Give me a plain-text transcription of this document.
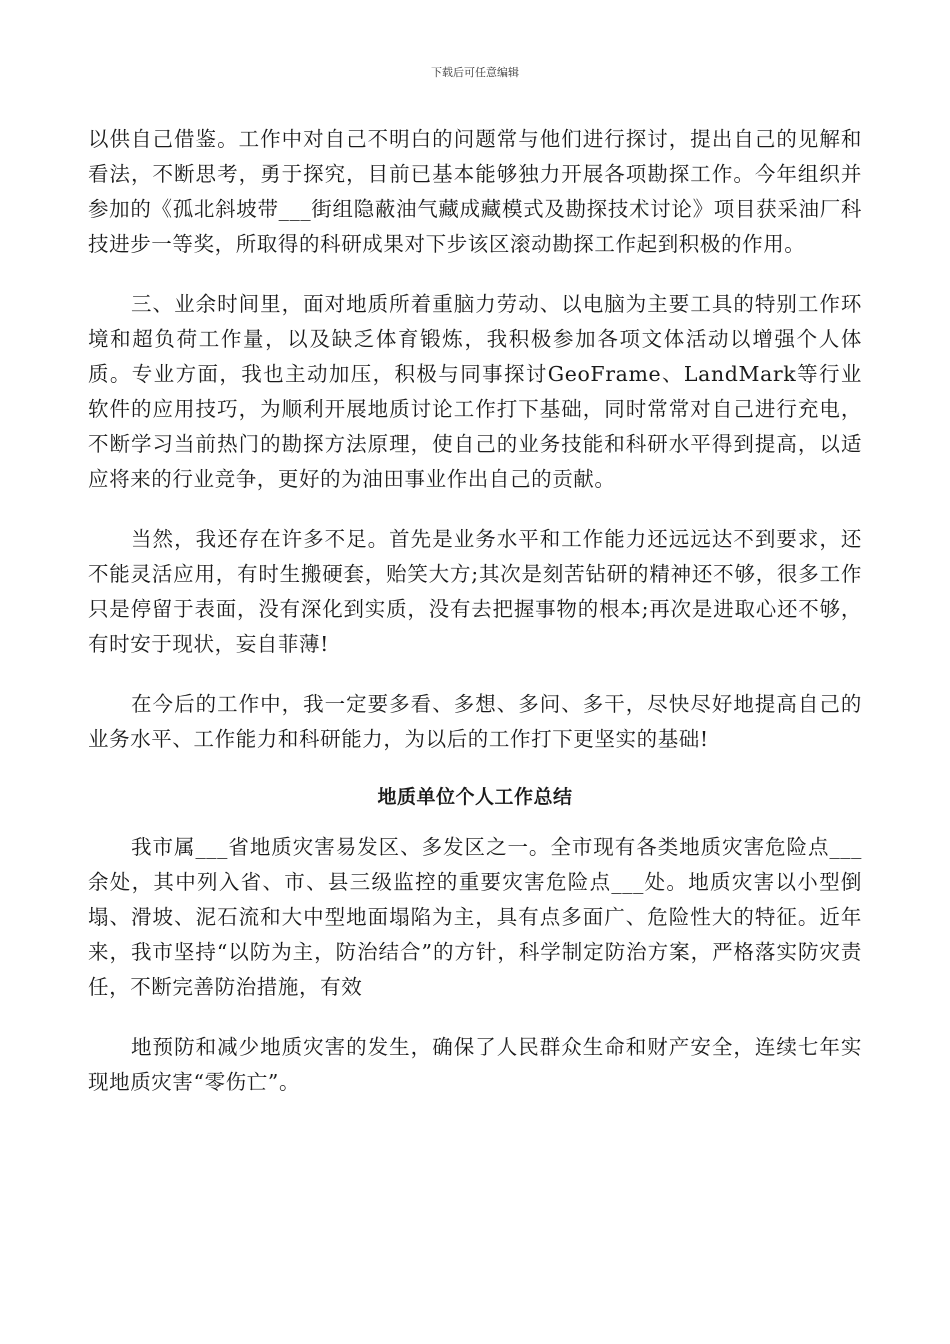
下载后可任意编辑

以供自己借鉴。工作中对自己不明白的问题常与他们进行探讨，提出自己的见解和看法，不断思考，勇于探究，目前已基本能够独力开展各项勘探工作。今年组织并参加的《孤北斜坡带___街组隐蔽油气藏成藏模式及勘探技术讨论》项目获采油厂科技进步一等奖，所取得的科研成果对下步该区滚动勘探工作起到积极的作用。

三、业余时间里，面对地质所着重脑力劳动、以电脑为主要工具的特别工作环境和超负荷工作量，以及缺乏体育锻炼，我积极参加各项文体活动以增强个人体质。专业方面，我也主动加压，积极与同事探讨GeoFrame、LandMark等行业软件的应用技巧，为顺利开展地质讨论工作打下基础，同时常常对自己进行充电，不断学习当前热门的勘探方法原理，使自己的业务技能和科研水平得到提高，以适应将来的行业竞争，更好的为油田事业作出自己的贡献。

当然，我还存在许多不足。首先是业务水平和工作能力还远远达不到要求，还不能灵活应用，有时生搬硬套，贻笑大方;其次是刻苦钻研的精神还不够，很多工作只是停留于表面，没有深化到实质，没有去把握事物的根本;再次是进取心还不够，有时安于现状，妄自菲薄!

在今后的工作中，我一定要多看、多想、多问、多干，尽快尽好地提高自己的业务水平、工作能力和科研能力，为以后的工作打下更坚实的基础!

地质单位个人工作总结

我市属___省地质灾害易发区、多发区之一。全市现有各类地质灾害危险点___余处，其中列入省、市、县三级监控的重要灾害危险点___处。地质灾害以小型倒塌、滑坡、泥石流和大中型地面塌陷为主，具有点多面广、危险性大的特征。近年来，我市坚持“以防为主，防治结合”的方针，科学制定防治方案，严格落实防灾责任，不断完善防治措施，有效

地预防和减少地质灾害的发生，确保了人民群众生命和财产安全，连续七年实现地质灾害“零伤亡”。
